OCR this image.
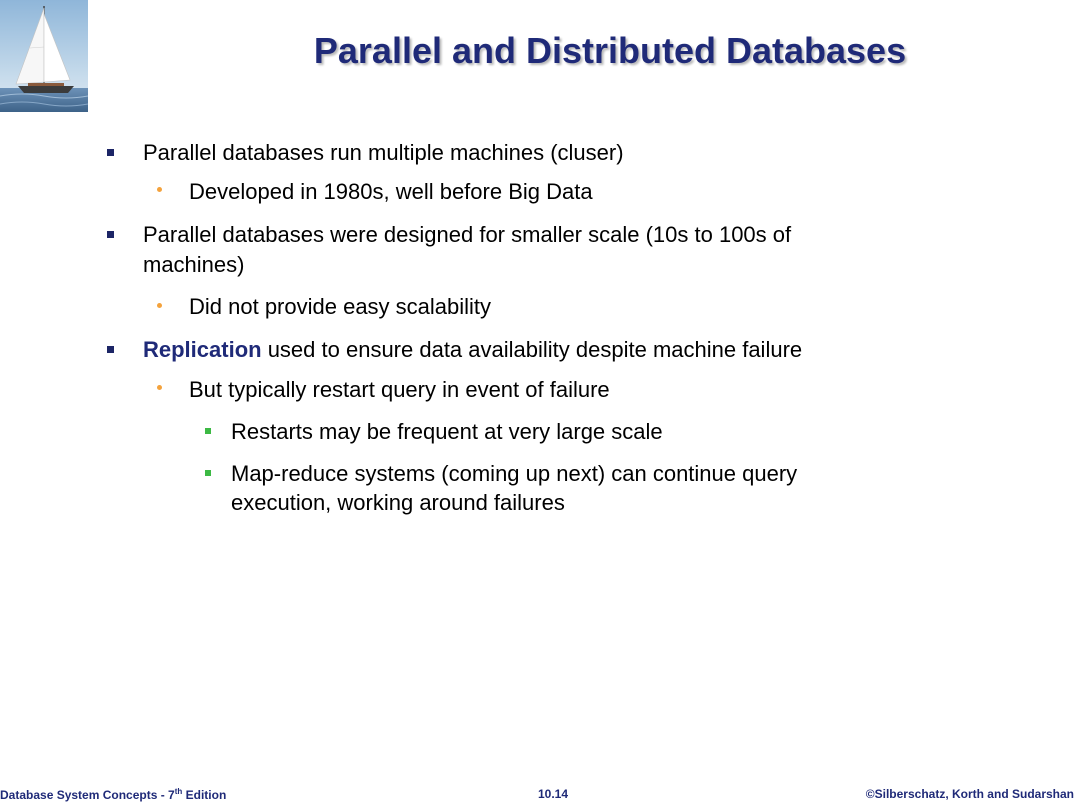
Parallel and Distributed Databases
Parallel databases run multiple machines (cluser)
Developed in 1980s, well before Big Data
Parallel databases were designed for smaller scale (10s to 100s of
machines)
Did not provide easy scalability
Replication used to ensure data availability despite machine failure
But typically restart query in event of failure
Restarts may be frequent at very large scale
Map-reduce systems (coming up next) can continue query
execution, working around failures
Database System Concepts - 7th Edition	10.14	©Silberschatz, Korth and Sudarshan
